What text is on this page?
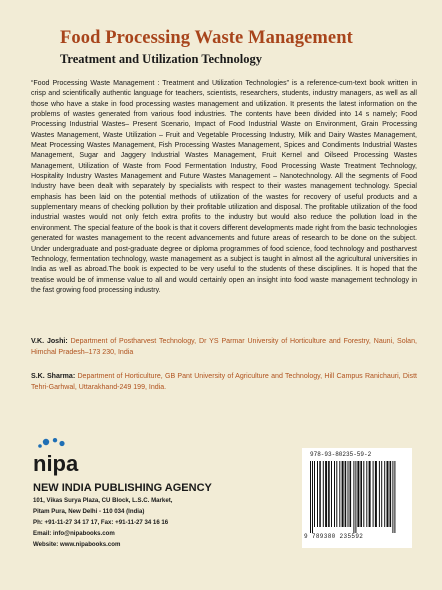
Food Processing Waste Management
Treatment and Utilization Technology

“Food Processing Waste Management : Treatment and Utilization Technologies” is a reference-cum-text book written in crisp and scientifically authentic language for teachers, scientists, researchers, students, industry managers, as well as all those who have a stake in food processing wastes management and utilization. It presents the latest information on the problems of wastes generated from various food industries. The contents have been divided into 14 s namely; Food Processing Industrial Wastes– Present Scenario, Impact of Food Industrial Waste on Environment, Grain Processing Wastes Management, Waste Utilization – Fruit and Vegetable Processing Industry, Milk and Dairy Wastes Management, Meat Processing Wastes Management, Fish Processing Wastes Management, Spices and Condiments Industrial Wastes Management, Sugar and Jaggery Industrial Wastes Management, Fruit Kernel and Oilseed Processing Wastes Management, Utilization of Waste from Food Fermentation Industry, Food Processing Waste Treatment Technology, Hospitality Industry Wastes Management and Future Wastes Management – Nanotechnology. All the segments of Food Industry have been dealt with separately by specialists with respect to their wastes management technology. Special emphasis has been laid on the potential methods of utilization of the wastes for recovery of useful products and a supplementary means of checking pollution by their profitable utilization and disposal. The profitable utilization of the food industrial wastes would not only fetch extra profits to the industry but would also reduce the pollution load in the environment. The special feature of the book is that it covers different developments made right from the basic technologies generated for wastes management to the recent advancements and future areas of research to be done on the subject. Under undergraduate and post-graduate degree or diploma programmes of food science, food technology and postharvest Technology, fermentation technology, waste management as a subject is taught in almost all the agricultural universities in India as well as abroad.The book is expected to be very useful to the students of these disciplines. It is hoped that the treatise would be of immense value to all and would certainly open an insight into food waste management technology in the fast growing food processing industry.

V.K. Joshi: Department of Postharvest Technology, Dr YS Parmar University of Horticulture and Forestry, Nauni, Solan, Himchal Pradesh–173 230, India

S.K. Sharma: Department of Horticulture, GB Pant University of Agriculture and Technology, Hill Campus Ranichauri, Distt Tehri-Garhwal, Uttarakhand-249 199, India.

nipa
NEW INDIA PUBLISHING AGENCY
101, Vikas Surya Plaza, CU Block, L.S.C. Market,
Pitam Pura, New Delhi - 110 034 (India)
Ph: +91-11-27 34 17 17, Fax: +91-11-27 34 16 16
Email: info@nipabooks.com
Website: www.nipabooks.com
978-93-80235-59-2
9 789380 235592
